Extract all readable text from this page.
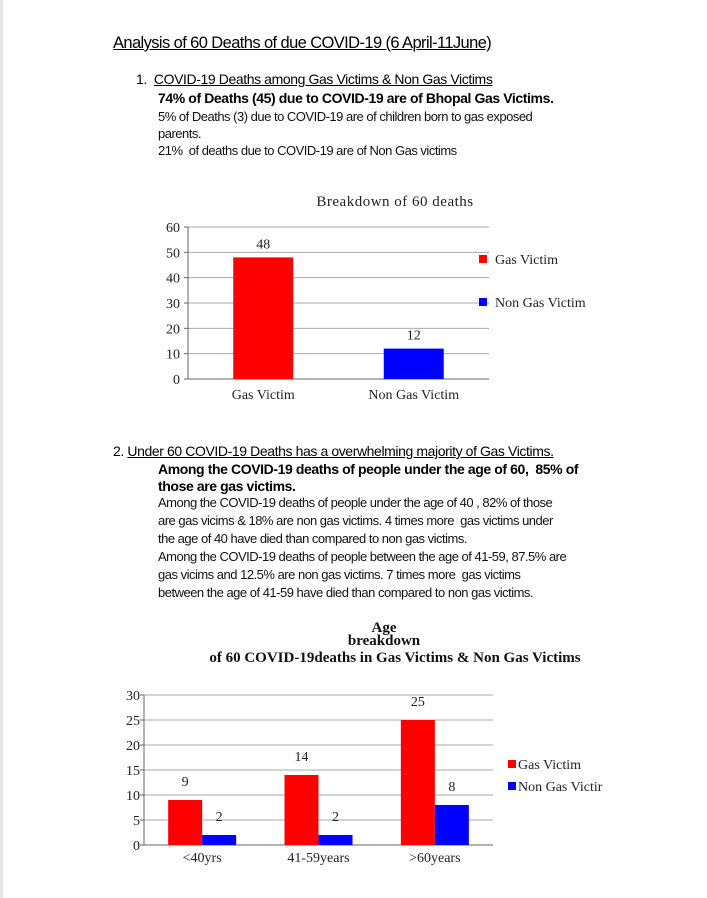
Analysis of 60 Deaths of due COVID-19 (6 April-11June)
1. COVID-19 Deaths among Gas Victims & Non Gas Victims
74% of Deaths (45) due to COVID-19 are of Bhopal Gas Victims.
5% of Deaths (3) due to COVID-19 are of children born to gas exposed
parents.
21%  of deaths due to COVID-19 are of Non Gas victims
Breakdown of 60 deaths
0
10
20
30
40
50
60
48
Gas Victim
12
Non Gas Victim
Gas Victim
Non Gas Victim
2. Under 60 COVID-19 Deaths has a overwhelming majority of Gas Victims.
Among the COVID-19 deaths of people under the age of 60,  85% of
those are gas victims.
Among the COVID-19 deaths of people under the age of 40 , 82% of those
are gas vicims & 18% are non gas victims. 4 times more  gas victims under
the age of 40 have died than compared to non gas victims.
Among the COVID-19 deaths of people between the age of 41-59, 87.5% are
gas vicims and 12.5% are non gas victims. 7 times more  gas victims
between the age of 41-59 have died than compared to non gas victims.
Age
breakdown
of 60 COVID-19deaths in Gas Victims & Non Gas Victims
0
5
10
15
20
25
30
9
2
<40yrs
14
2
41-59years
25
8
>60years
Gas Victim
Non Gas Victir
